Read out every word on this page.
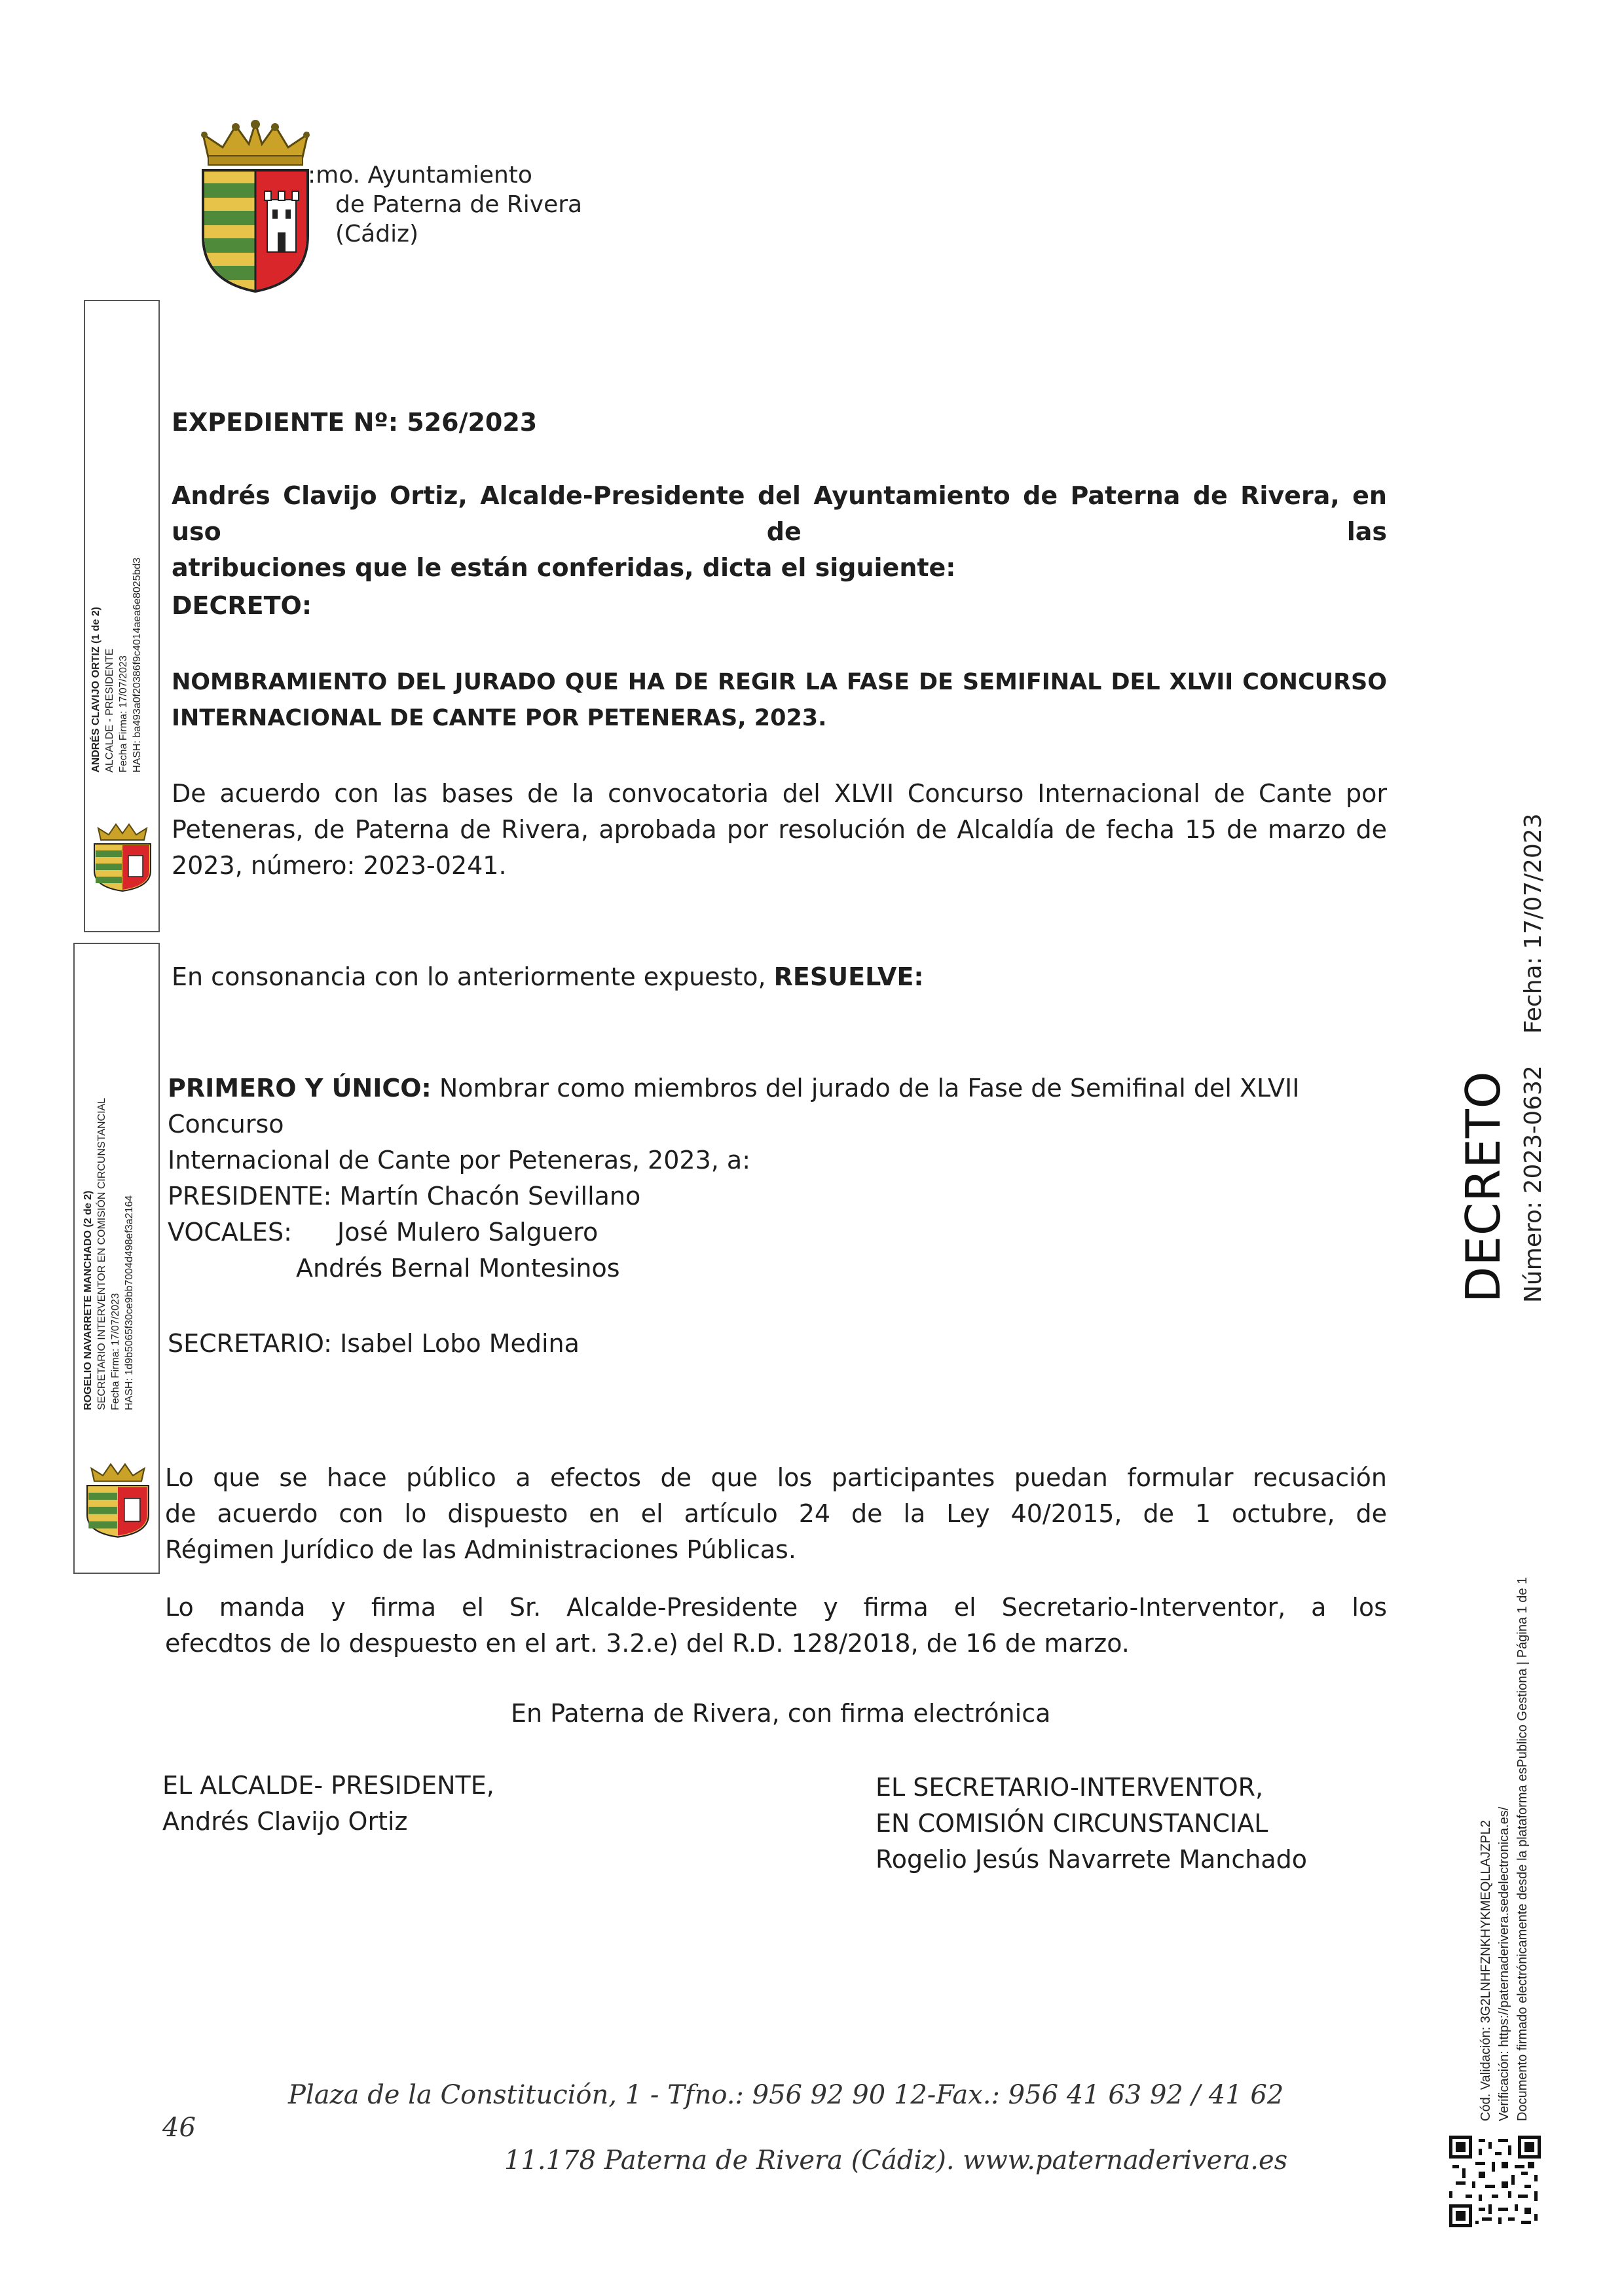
:mo. Ayuntamiento
de Paterna de Rivera
(Cádiz)
ANDRÉS CLAVIJO ORTIZ (1 de 2) ALCALDE - PRESIDENTE Fecha Firma: 17/07/2023 HASH: ba493a0f20386f9c4014aea6e8025bd3
ROGELIO NAVARRETE MANCHADO (2 de 2) SECRETARIO INTERVENTOR EN COMISIÓN CIRCUNSTANCIAL Fecha Firma: 17/07/2023 HASH: 1d9b5065f30ce9bb7004d498ef3a2164	DECRETO Número: 2023-0632  Fecha: 17/07/2023
Cód. Validación: 3G2LNHFZNKHYKMEQLLAJZPL2 Verificación: https://paternaderivera.sedelectronica.es/ Documento firmado electrónicamente desde la plataforma esPublico Gestiona | Página 1 de 1
EXPEDIENTE Nº: 526/2023
Andrés Clavijo Ortiz, Alcalde-Presidente del Ayuntamiento de Paterna de Rivera, en uso de las
atribuciones que le están conferidas, dicta el siguiente:
DECRETO:
NOMBRAMIENTO DEL JURADO QUE HA DE REGIR LA FASE DE SEMIFINAL DEL XLVII CONCURSO
INTERNACIONAL DE CANTE POR PETENERAS, 2023.
De acuerdo con las bases de la convocatoria del XLVII Concurso Internacional de Cante por
Peteneras, de Paterna de Rivera, aprobada por resolución de Alcaldía de fecha 15 de marzo de
2023, número: 2023-0241.
En consonancia con lo anteriormente expuesto, RESUELVE:
PRIMERO Y ÚNICO: Nombrar como miembros del jurado de la Fase de Semifinal del XLVII Concurso
Internacional de Cante por Peteneras, 2023, a:
PRESIDENTE: Martín Chacón Sevillano
VOCALES: José Mulero Salguero
Andrés Bernal Montesinos
SECRETARIO: Isabel Lobo Medina
Lo que se hace público a efectos de que los participantes puedan formular recusación
de acuerdo con lo dispuesto en el artículo 24 de la Ley 40/2015, de 1 octubre, de
Régimen Jurídico de las Administraciones Públicas.
Lo manda y firma el Sr. Alcalde-Presidente y firma el Secretario-Interventor, a los
efecdtos de lo despuesto en el art. 3.2.e) del R.D. 128/2018, de 16 de marzo.
En Paterna de Rivera, con firma electrónica
EL ALCALDE- PRESIDENTE,
Andrés Clavijo Ortiz
EL SECRETARIO-INTERVENTOR,
EN COMISIÓN CIRCUNSTANCIAL
Rogelio Jesús Navarrete Manchado
Plaza de la Constitución, 1 - Tfno.: 956 92 90 12-Fax.: 956 41 63 92 / 41 62
46
11.178 Paterna de Rivera (Cádiz). www.paternaderivera.es
